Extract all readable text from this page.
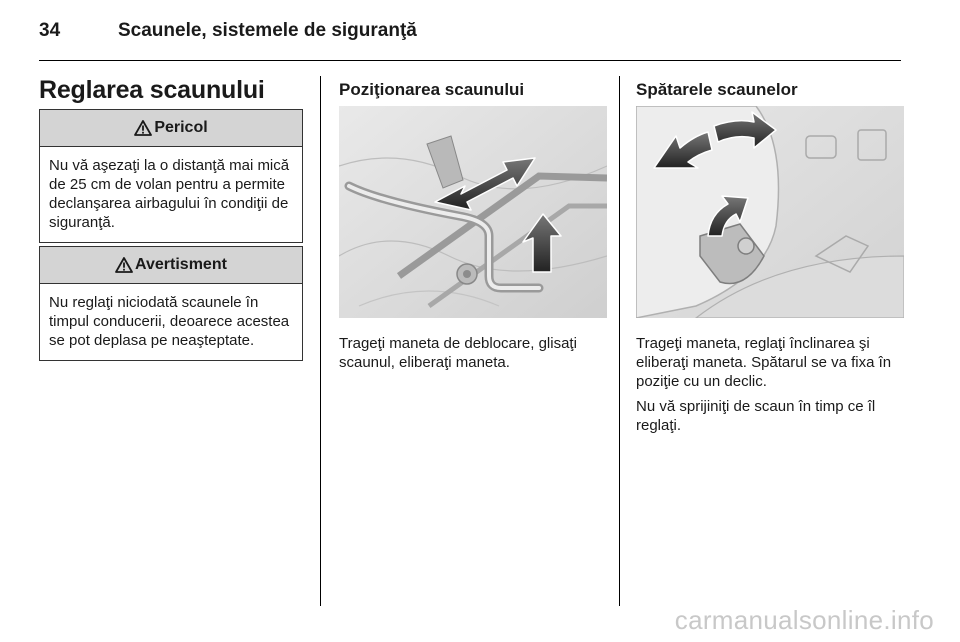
34	Scaunele, sistemele de siguranţă
Reglarea scaunului
Pericol
Nu vă aşezaţi la o distanţă mai mică de 25 cm de volan pentru a permite declanşarea airbagului în condiţii de siguranţă.
Avertisment
Nu reglaţi niciodată scaunele în timpul conducerii, deoarece acestea se pot deplasa pe neaşteptate.
Poziţionarea scaunului

Trageţi maneta de deblocare, glisaţi scaunul, eliberaţi maneta.

Spătarele scaunelor

Trageţi maneta, reglaţi înclinarea şi eliberaţi maneta. Spătarul se va fixa în poziţie cu un declic.

Nu vă sprijiniţi de scaun în timp ce îl reglaţi.

carmanualsonline.info
